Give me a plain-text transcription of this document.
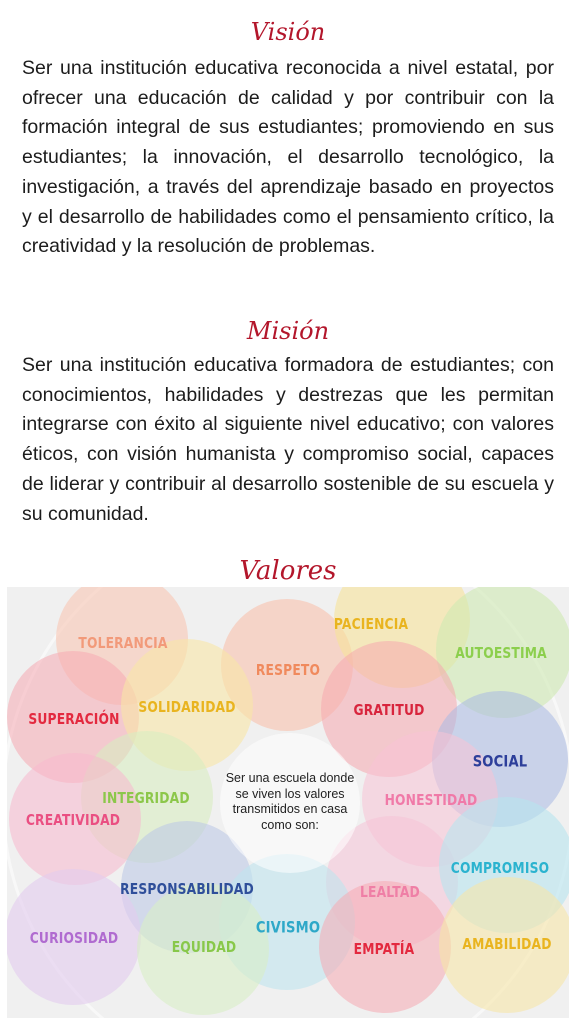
Visión

Ser una institución educativa reconocida a nivel estatal, por ofrecer una educación de calidad y por contribuir con la formación integral de sus estudiantes; promoviendo en sus estudiantes; la innovación, el desarrollo tecnológico, la investigación, a través del aprendizaje basado en proyectos y el desarrollo de habilidades como el pensamiento crítico, la creatividad y la resolución de problemas.

Misión

Ser una institución educativa formadora de estudiantes; con conocimientos, habilidades y destrezas que les permitan integrarse con éxito al siguiente nivel educativo; con valores éticos, con visión humanista y compromiso social, capaces de liderar y contribuir al desarrollo sostenible de su escuela y su comunidad.

Valores
TOLERANCIA
RESPETO
PACIENCIA
AUTOESTIMA
SUPERACIÓN
SOLIDARIDAD	GRATITUD
SOCIAL
INTEGRIDAD
CREATIVIDAD
HONESTIDAD
RESPONSABILIDAD	LEALTAD
COMPROMISO
CIVISMO
CURIOSIDAD	EQUIDAD	EMPATÍA	AMABILIDAD
Ser una escuela donde se viven los valores transmitidos en casa como son:
